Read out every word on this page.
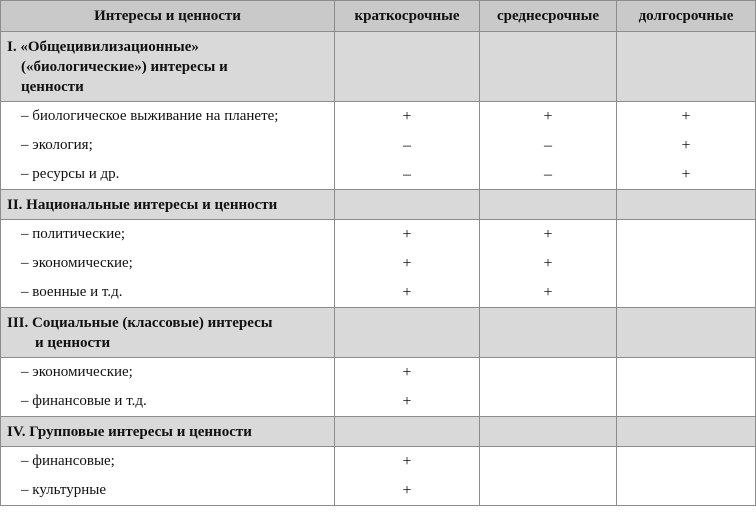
Интересы и ценности	краткосрочные	среднесрочные	долгосрочные

I. «Общецивилизационные»
(«биологические») интересы и
ценности			

– биологическое выживание на планете;	+	+	+
– экология;	–	–	+
– ресурсы и др.	–	–	+

II. Национальные интересы и ценности			

– политические;	+	+	
– экономические;	+	+	
– военные и т.д.	+	+	

III. Социальные (классовые) интересы
и ценности			

– экономические;	+		
– финансовые и т.д.	+		

IV. Групповые интересы и ценности			

– финансовые;	+		
– культурные	+		
